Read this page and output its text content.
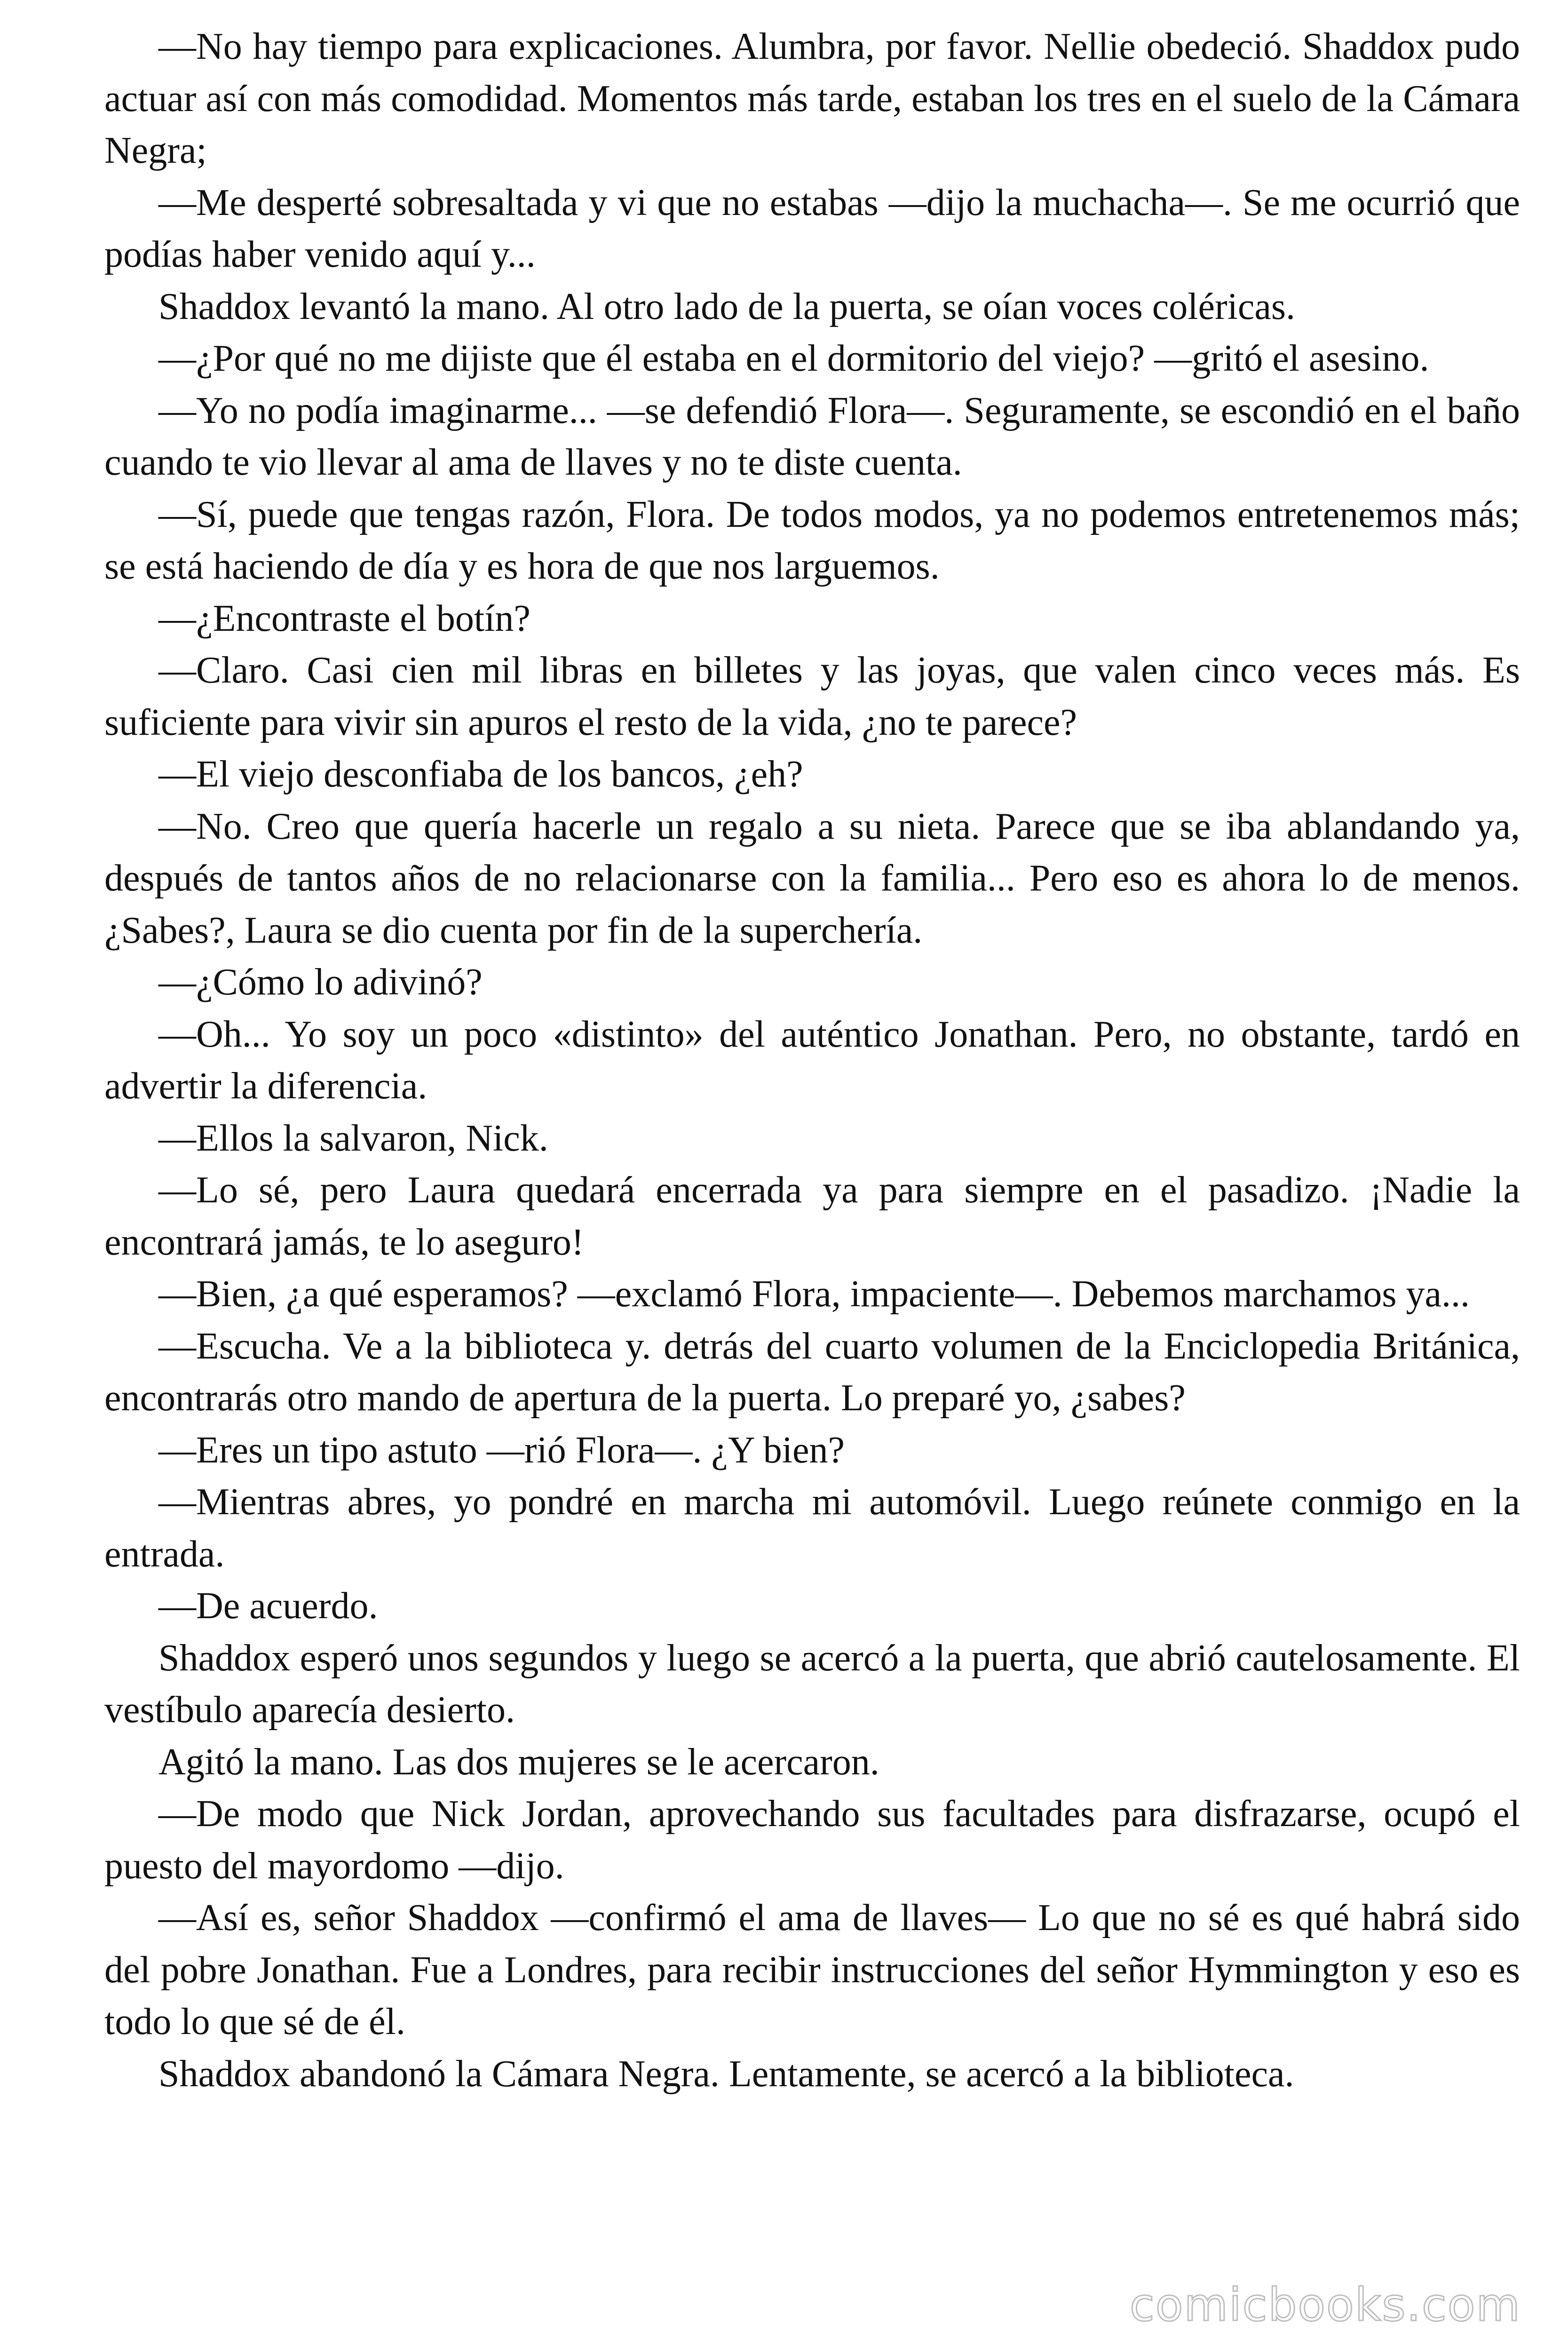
—No hay tiempo para explicaciones. Alumbra, por favor. Nellie obedeció. Shaddox pudo actuar así con más comodidad. Momentos más tarde, estaban los tres en el suelo de la Cámara Negra;

—Me desperté sobresaltada y vi que no estabas —dijo la muchacha—. Se me ocurrió que podías haber venido aquí y...

Shaddox levantó la mano. Al otro lado de la puerta, se oían voces coléricas.

—¿Por qué no me dijiste que él estaba en el dormitorio del viejo? —gritó el asesino.

—Yo no podía imaginarme... —se defendió Flora—. Seguramente, se escondió en el baño cuando te vio llevar al ama de llaves y no te diste cuenta.

—Sí, puede que tengas razón, Flora. De todos modos, ya no podemos entretenemos más; se está haciendo de día y es hora de que nos larguemos.

—¿Encontraste el botín?

—Claro. Casi cien mil libras en billetes y las joyas, que valen cinco veces más. Es suficiente para vivir sin apuros el resto de la vida, ¿no te parece?

—El viejo desconfiaba de los bancos, ¿eh?

—No. Creo que quería hacerle un regalo a su nieta. Parece que se iba ablandando ya, después de tantos años de no relacionarse con la familia... Pero eso es ahora lo de menos. ¿Sabes?, Laura se dio cuenta por fin de la superchería.

—¿Cómo lo adivinó?

—Oh... Yo soy un poco «distinto» del auténtico Jonathan. Pero, no obstante, tardó en advertir la diferencia.

—Ellos la salvaron, Nick.

—Lo sé, pero Laura quedará encerrada ya para siempre en el pasadizo. ¡Nadie la encontrará jamás, te lo aseguro!

—Bien, ¿a qué esperamos? —exclamó Flora, impaciente—. Debemos marchamos ya...

—Escucha. Ve a la biblioteca y. detrás del cuarto volumen de la Enciclopedia Británica, encontrarás otro mando de apertura de la puerta. Lo preparé yo, ¿sabes?

—Eres un tipo astuto —rió Flora—. ¿Y bien?

—Mientras abres, yo pondré en marcha mi automóvil. Luego reúnete conmigo en la entrada.

—De acuerdo.

Shaddox esperó unos segundos y luego se acercó a la puerta, que abrió cautelosamente. El vestíbulo aparecía desierto.

Agitó la mano. Las dos mujeres se le acercaron.

—De modo que Nick Jordan, aprovechando sus facultades para disfrazarse, ocupó el puesto del mayordomo —dijo.

—Así es, señor Shaddox —confirmó el ama de llaves— Lo que no sé es qué habrá sido del pobre Jonathan. Fue a Londres, para recibir instrucciones del señor Hymmington y eso es todo lo que sé de él.

Shaddox abandonó la Cámara Negra. Lentamente, se acercó a la biblioteca.

comicbooks.com
